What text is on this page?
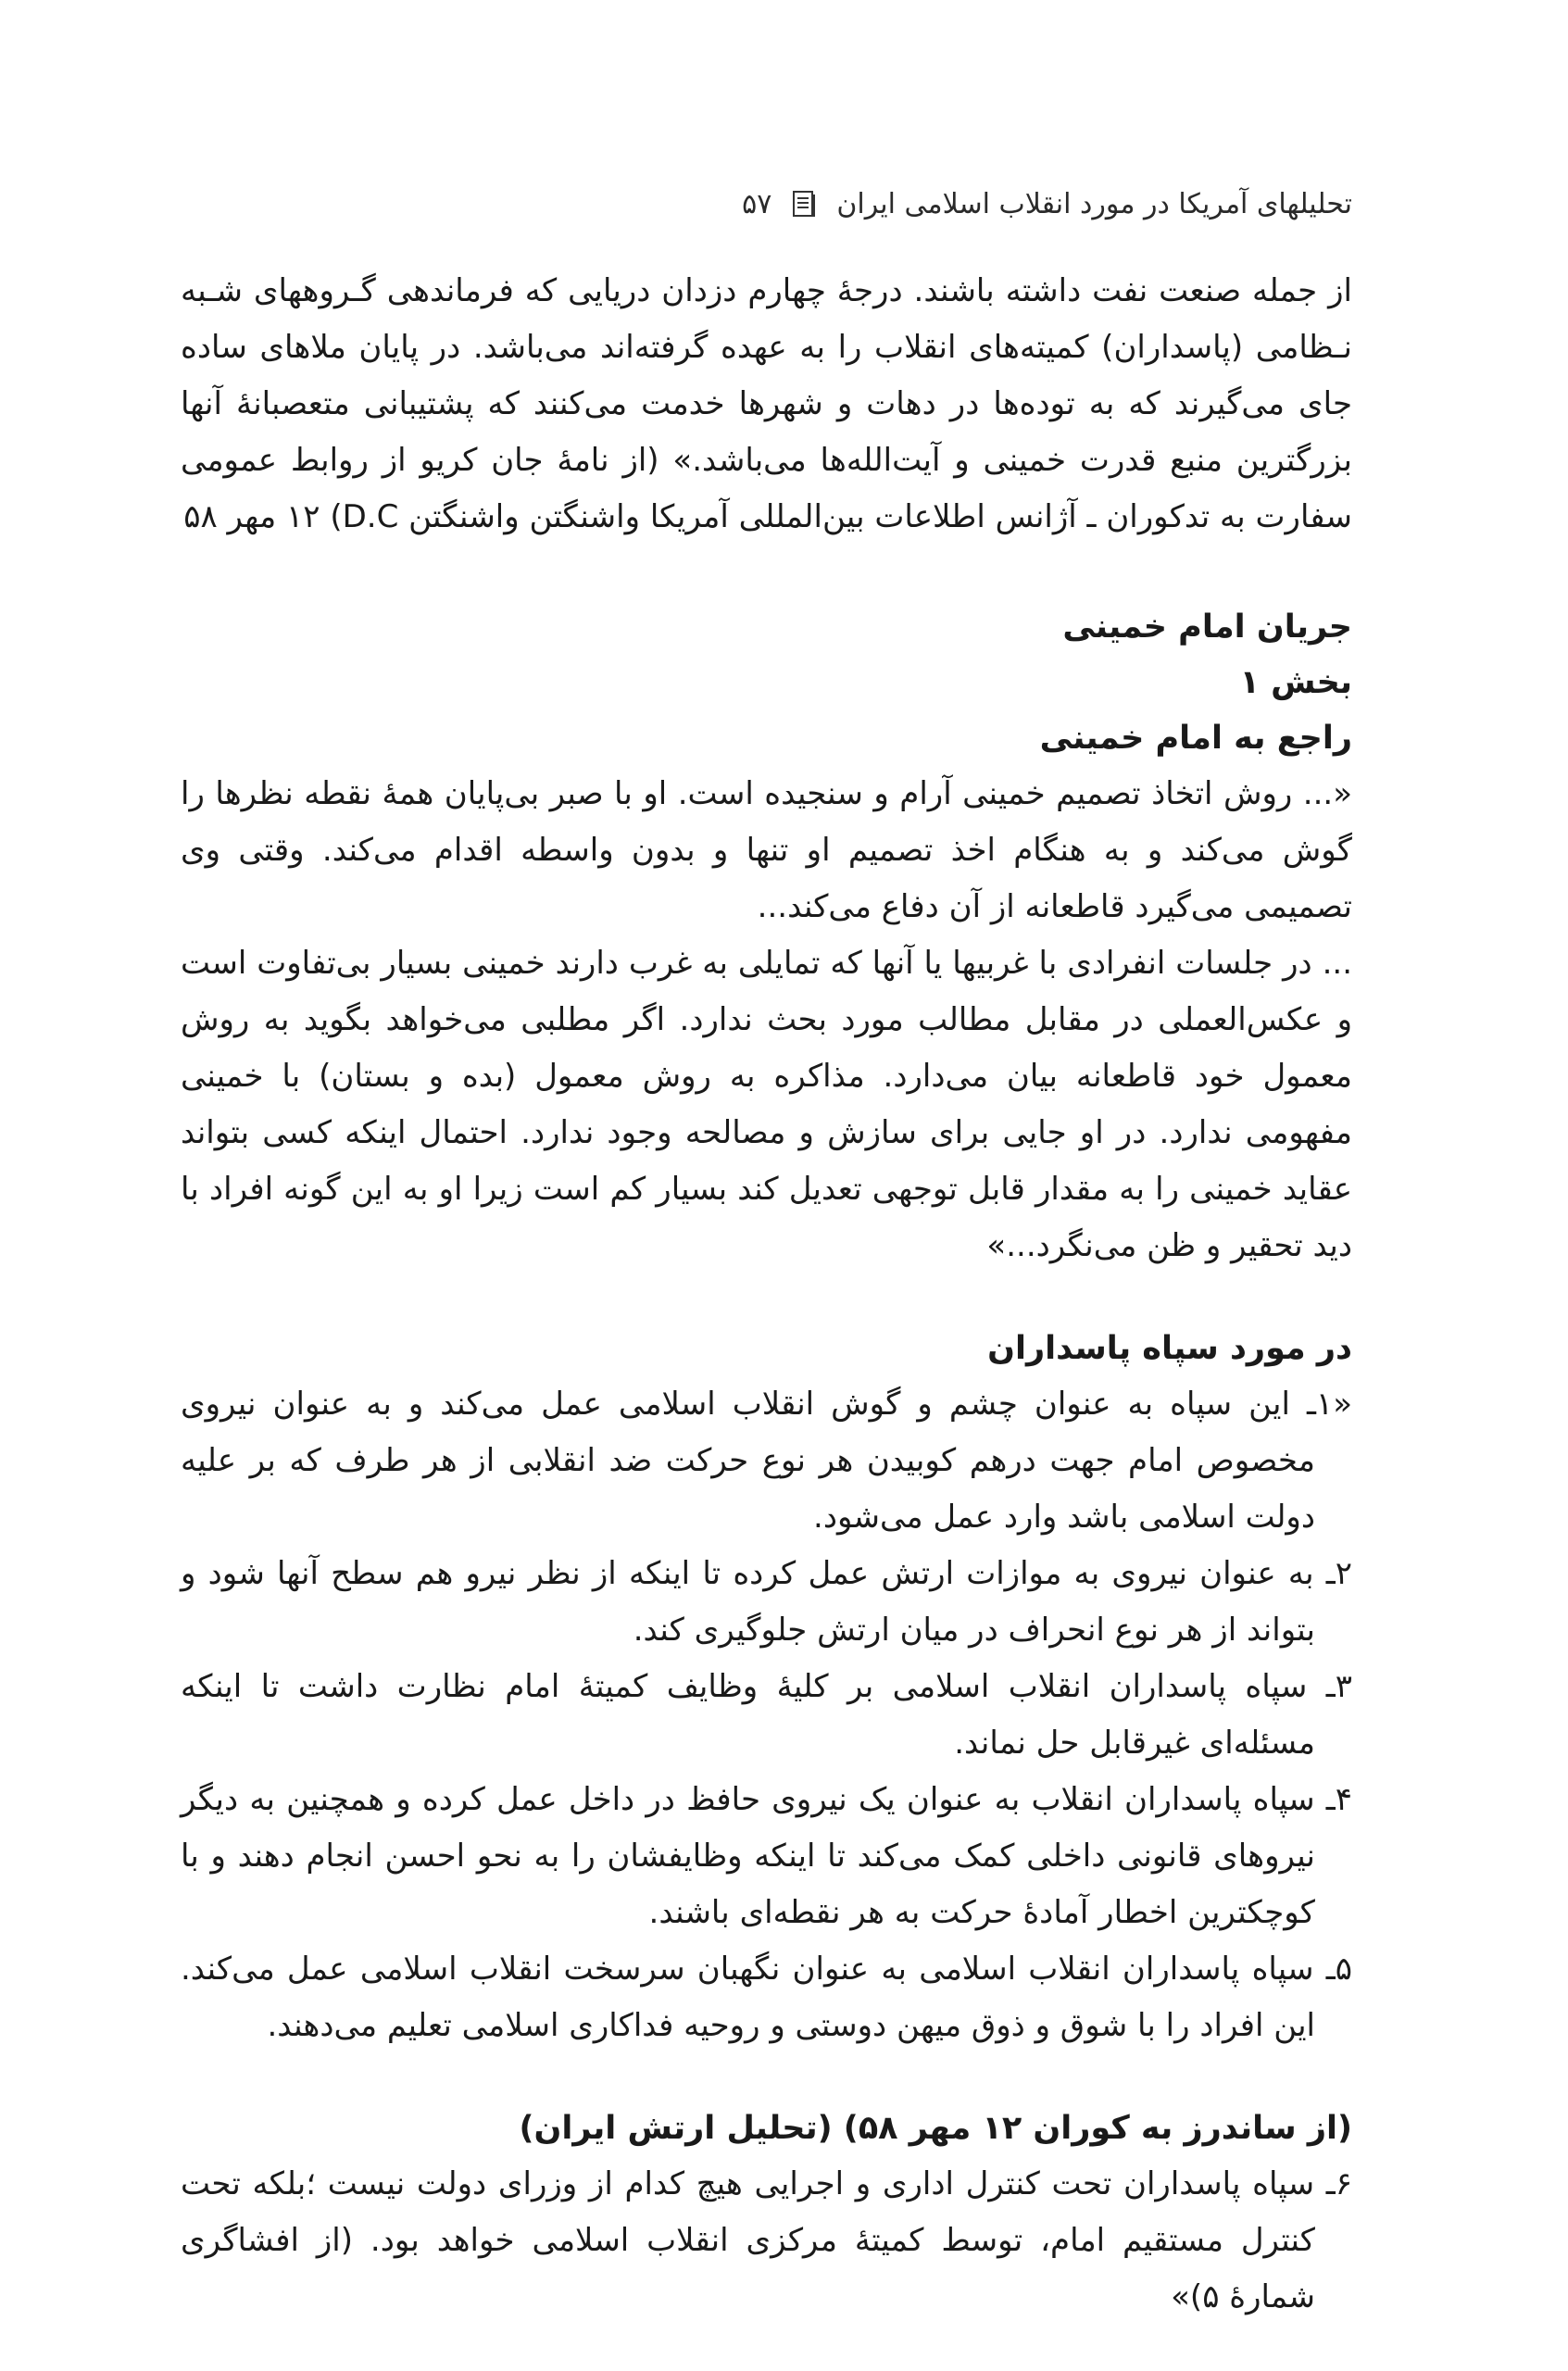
تحلیلهای آمریکا در مورد انقلاب اسلامی ایران
۵۷

از جمله صنعت نفت داشته باشند. درجهٔ چهارم دزدان دریایی که فرماندهی گـروههای شـبه نـظامی (پاسداران) کمیته‌های انقلاب را به عهده گرفته‌اند می‌باشد. در پایان ملاهای ساده جای می‌گیرند که به توده‌ها در دهات و شهرها خدمت می‌کنند که پشتیبانی متعصبانهٔ آنها بزرگترین منبع قدرت خمینی و آیت‌الله‌ها می‌باشد.» (از نامهٔ جان کریو از روابط عمومی سفارت به تدکوران ـ آژانس اطلاعات بین‌المللی آمریکا واشنگتن واشنگتن D.C) ۱۲ مهر ۵۸

جریان امام خمینی

بخش ۱

راجع به امام خمینی

«... روش اتخاذ تصمیم خمینی آرام و سنجیده است. او با صبر بی‌پایان همهٔ نقطه نظرها را گوش می‌کند و به هنگام اخذ تصمیم او تنها و بدون واسطه اقدام می‌کند. وقتی وی تصمیمی می‌گیرد قاطعانه از آن دفاع می‌کند...

... در جلسات انفرادی با غربیها یا آنها که تمایلی به غرب دارند خمینی بسیار بی‌تفاوت است و عکس‌العملی در مقابل مطالب مورد بحث ندارد. اگر مطلبی می‌خواهد بگوید به روش معمول خود قاطعانه بیان می‌دارد. مذاکره به روش معمول (بده و بستان) با خمینی مفهومی ندارد. در او جایی برای سازش و مصالحه وجود ندارد. احتمال اینکه کسی بتواند عقاید خمینی را به مقدار قابل توجهی تعدیل کند بسیار کم است زیرا او به این گونه افراد با دید تحقیر و ظن می‌نگرد...»

در مورد سپاه پاسداران

«۱ـ این سپاه به عنوان چشم و گوش انقلاب اسلامی عمل می‌کند و به عنوان نیروی مخصوص امام جهت درهم کوبیدن هر نوع حرکت ضد انقلابی از هر طرف که بر علیه دولت اسلامی باشد وارد عمل می‌شود.

۲ـ به عنوان نیروی به موازات ارتش عمل کرده تا اینکه از نظر نیرو هم سطح آنها شود و بتواند از هر نوع انحراف در میان ارتش جلوگیری کند.

۳ـ سپاه پاسداران انقلاب اسلامی بر کلیهٔ وظایف کمیتهٔ امام نظارت داشت تا اینکه مسئله‌ای غیرقابل حل نماند.

۴ـ سپاه پاسداران انقلاب به عنوان یک نیروی حافظ در داخل عمل کرده و همچنین به دیگر نیروهای قانونی داخلی کمک می‌کند تا اینکه وظایفشان را به نحو احسن انجام دهند و با کوچکترین اخطار آمادهٔ حرکت به هر نقطه‌ای باشند.

۵ـ سپاه پاسداران انقلاب اسلامی به عنوان نگهبان سرسخت انقلاب اسلامی عمل می‌کند. این افراد را با شوق و ذوق میهن دوستی و روحیه فداکاری اسلامی تعلیم می‌دهند.

(از ساندرز به کوران ۱۲ مهر ۵۸) (تحلیل ارتش ایران)

۶ـ سپاه پاسداران تحت کنترل اداری و اجرایی هیچ کدام از وزرای دولت نیست ؛بلکه تحت کنترل مستقیم امام، توسط کمیتهٔ مرکزی انقلاب اسلامی خواهد بود. (از افشاگری شمارهٔ ۵)»
